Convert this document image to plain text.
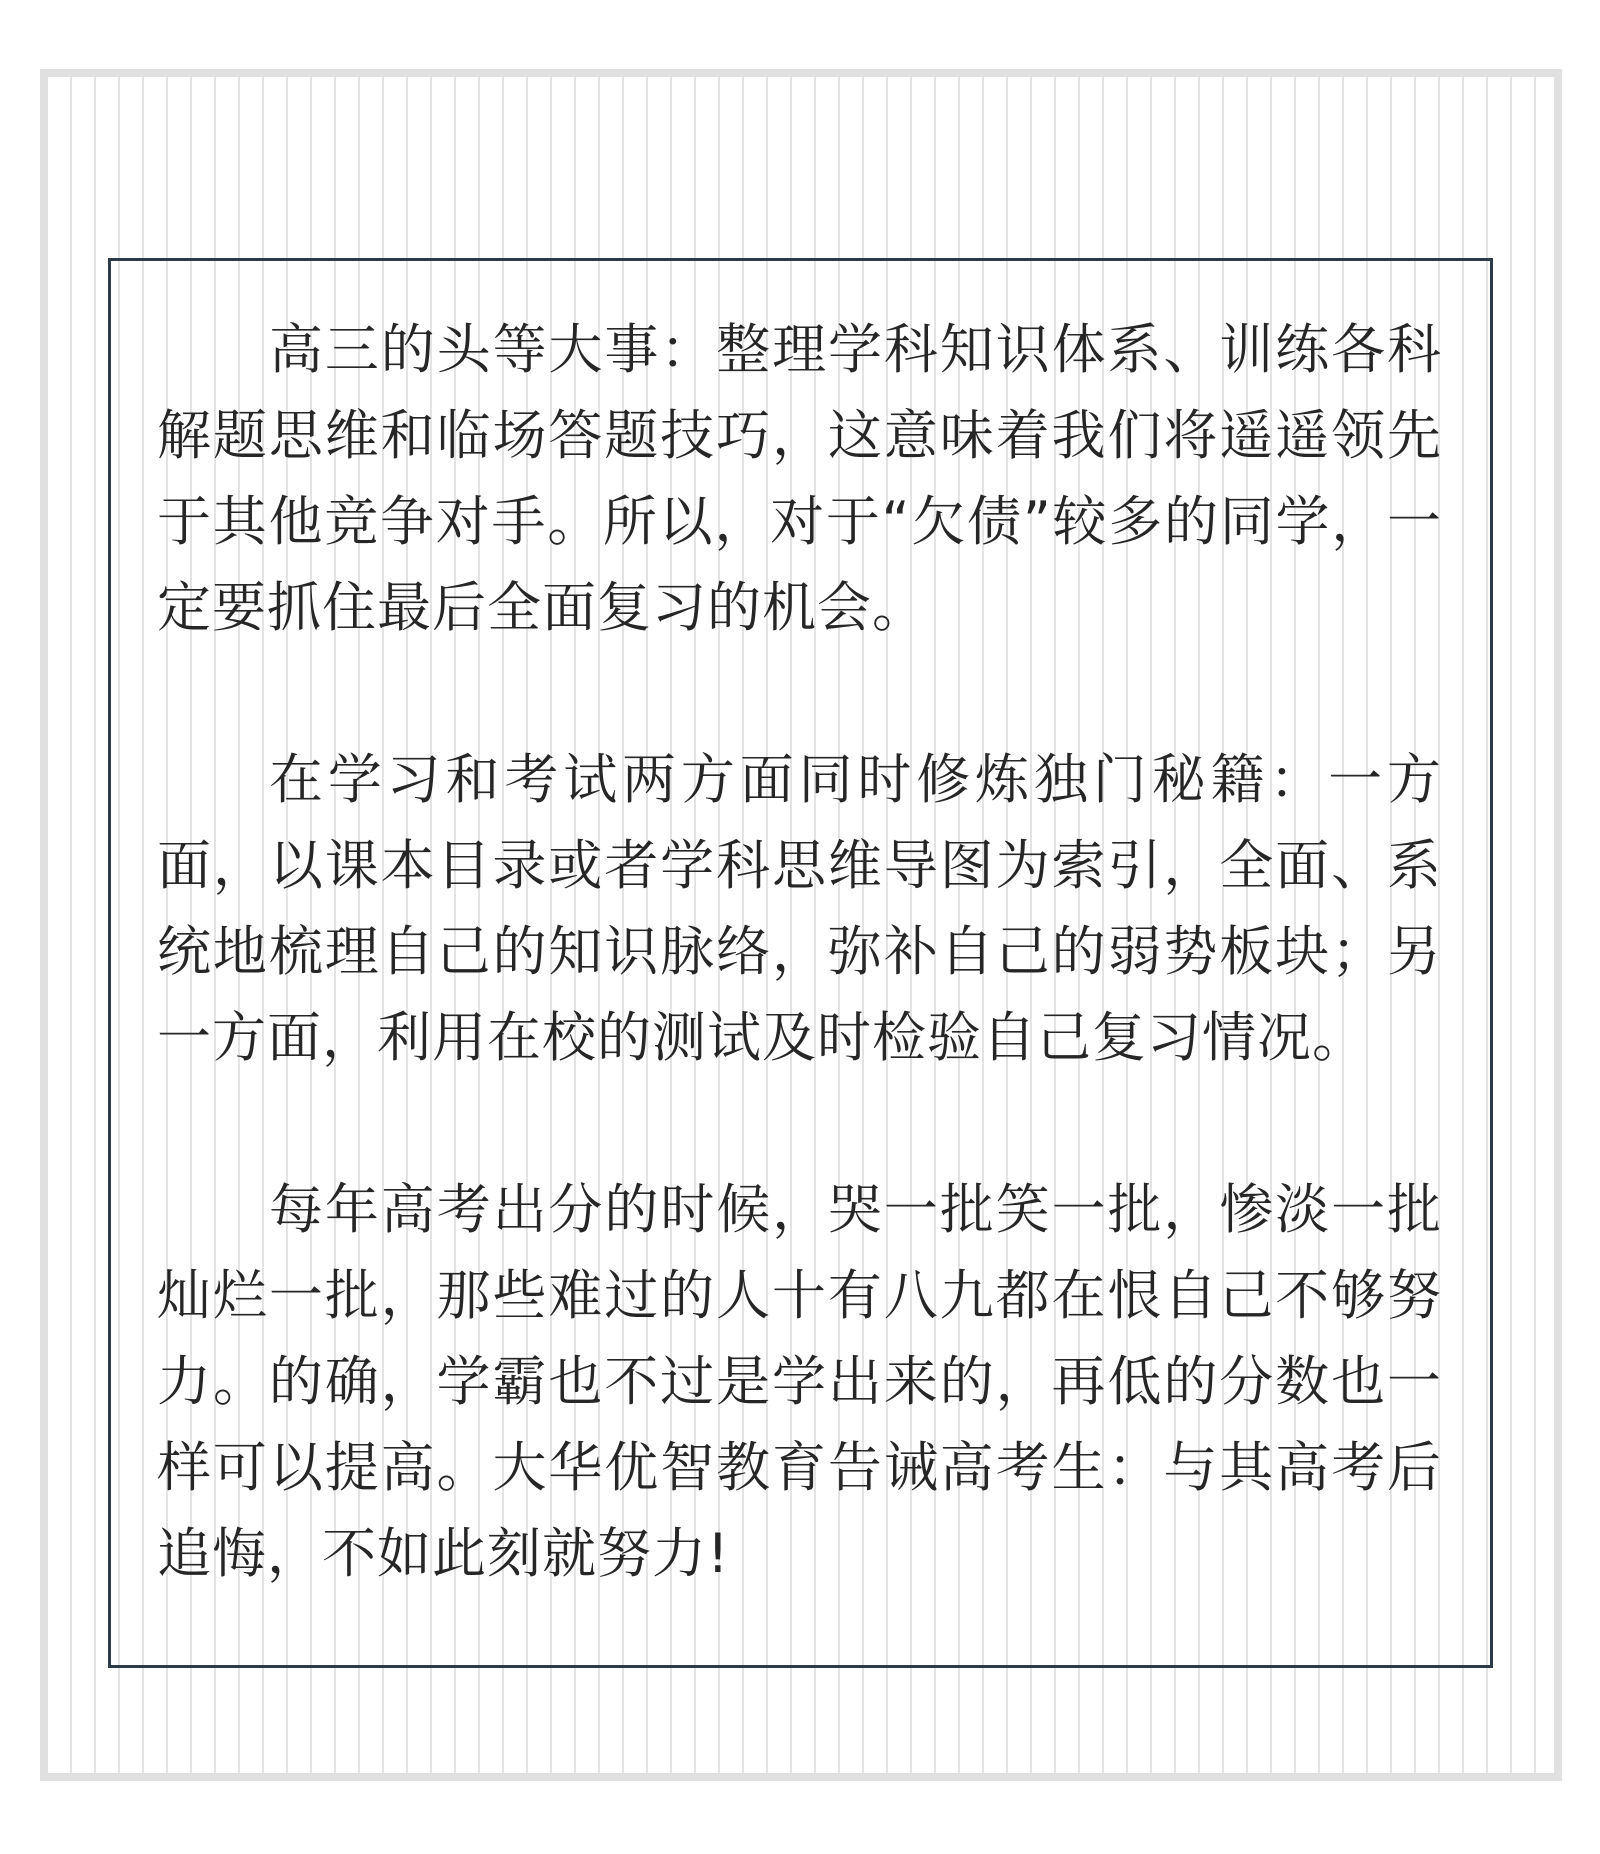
高三的头等大事：整理学科知识体系、训练各科解题思维和临场答题技巧，这意味着我们将遥遥领先于其他竞争对手。所以，对于“欠债”较多的同学，一定要抓住最后全面复习的机会。

在学习和考试两方面同时修炼独门秘籍：一方面，以课本目录或者学科思维导图为索引，全面、系统地梳理自己的知识脉络，弥补自己的弱势板块；另一方面，利用在校的测试及时检验自己复习情况。

每年高考出分的时候，哭一批笑一批，惨淡一批灿烂一批，那些难过的人十有八九都在恨自己不够努力。的确，学霸也不过是学出来的，再低的分数也一样可以提高。大华优智教育告诫高考生：与其高考后追悔，不如此刻就努力!
